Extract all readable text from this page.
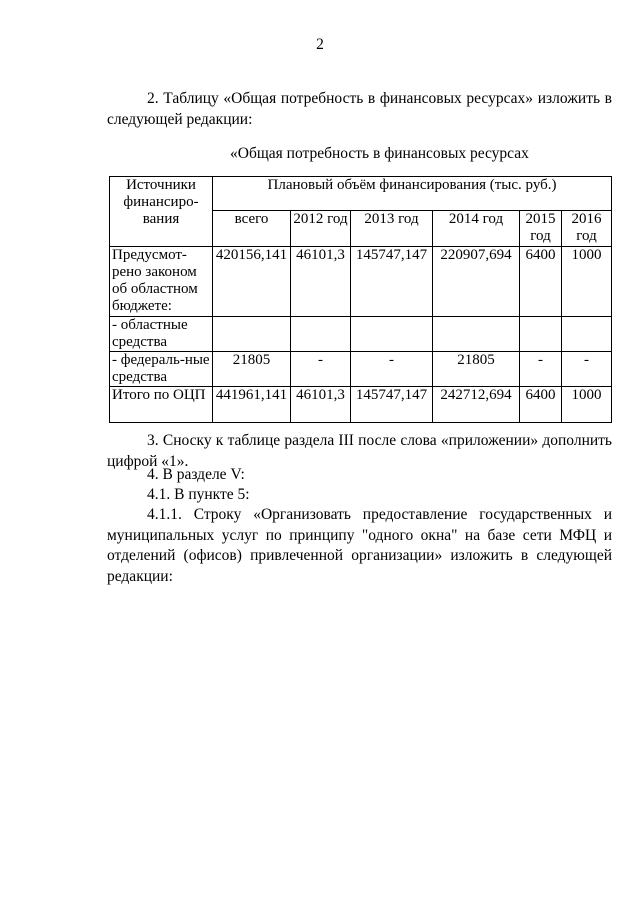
2

2. Таблицу «Общая потребность в финансовых ресурсах» изложить в следующей редакции:

«Общая потребность в финансовых ресурсах
Источники финансиро-вания	Плановый объём финансирования (тыс. руб.)					
	всего	2012 год	2013 год	2014 год	2015 год	2016 год
Предусмот-рено законом об областном бюджете:	420156,141	46101,3	145747,147	220907,694	6400	1000
- областные средства						
- федераль-ные средства	21805	-	-	21805	-	-
Итого по ОЦП	441961,141	46101,3	145747,147	242712,694	6400	1000

3. Сноску к таблице раздела III после слова «приложении» дополнить цифрой «1».

4. В разделе V:

4.1. В пункте 5:

4.1.1. Строку «Организовать предоставление государственных и муниципальных услуг по принципу "одного окна" на базе сети МФЦ и отделений (офисов) привлеченной организации» изложить в следующей редакции:
